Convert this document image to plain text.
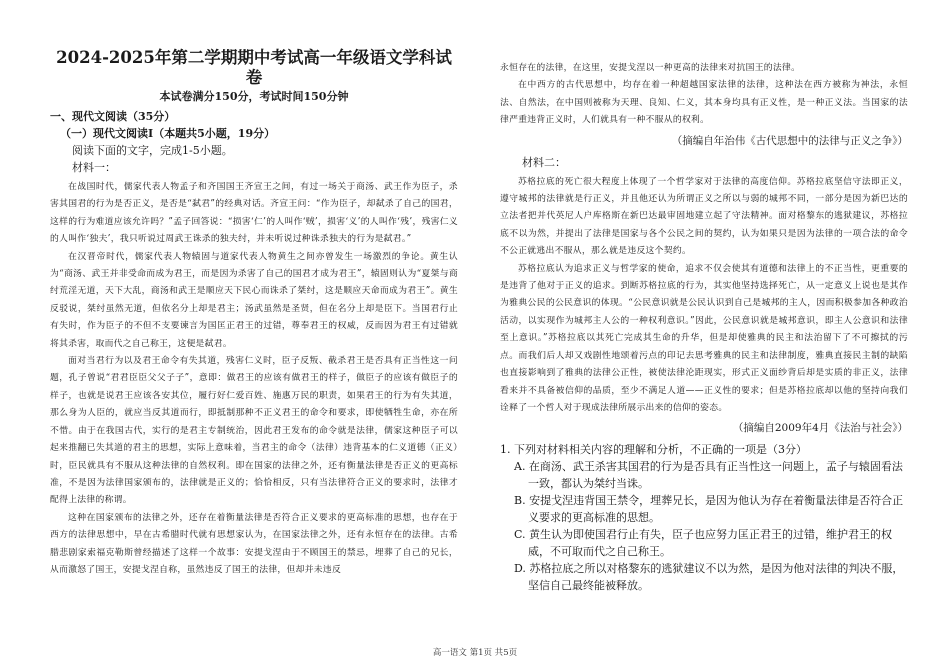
2024-2025年第二学期期中考试高一年级语文学科试卷

本试卷满分150分，考试时间150分钟

一、现代文阅读（35分）

（一）现代文阅读Ⅰ（本题共5小题，19分）

阅读下面的文字，完成1-5小题。

材料一：

在战国时代，儒家代表人物孟子和齐国国王齐宣王之间，有过一场关于商汤、武王作为臣子，杀害其国君的行为是否正义，是否是“弑君”的经典对话。齐宣王问：“作为臣子，却弑杀了自己的国君，这样的行为难道应该允许吗？”孟子回答说：“损害‘仁’的人叫作‘贼’，损害‘义’的人叫作‘残’，残害仁义的人叫作‘独夫’，我只听说过周武王诛杀的独夫纣，并未听说过种诛杀独夫的行为是弑君。”

在汉晋帝时代，儒家代表人物辕固与道家代表人物黄生之间亦曾发生一场激烈的争论。黄生认为“商汤、武王并非受命而成为君王，而是因为杀害了自己的国君才成为君王”，辕固则认为“夏桀与商纣荒淫无道，天下大乱，商汤和武王是顺应天下民心而诛杀了桀纣，这是顺应天命而成为君王”。黄生反驳说，桀纣虽然无道，但依名分上却是君主；汤武虽然是圣贤，但在名分上却是臣下。当国君行止有失时，作为臣子的不但不支要谏言为国匡正君王的过错，尊奉君王的权威，反而因为君王有过错就将其杀害，取而代之自己称王，这便是弑君。

面对当君行为以及君王命令有失其道，残害仁义时，臣子反叛、截杀君王是否具有正当性这一问题，孔子曾说“君君臣臣父父子子”，意即：做君王的应该有做君王的样子，做臣子的应该有做臣子的样子，也就是说君王应该各安其位，履行好仁爱百姓、施惠万民的职责，如果君王的行为有失其道，那么身为人臣的，就应当反其道而行，即抵制那种不正义君王的命令和要求，即使牺牲生命，亦在所不惜。由于在我国古代，实行的是君主专制统治，因此君王发布的命令就是法律，儒家这种臣子可以起来推翻已失其道的君主的思想，实际上意味着，当君主的命令（法律）违背基本的仁义道德（正义）时，臣民就具有不服从这种法律的自然权利。即在国家的法律之外，还有衡量法律是否正义的更高标准，不是因为法律国家颁布的，法律就是正义的；恰恰相反，只有当法律符合正义的要求时，法律才配得上法律的称谓。

这种在国家颁布的法律之外，还存在着衡量法律是否符合正义要求的更高标准的思想，也存在于西方的法律思想中，早在古希腊时代就有思想家认为，在国家法律之外，还有永恒存在的法律。古希腊悲剧家索福克勒斯曾经描述了这样一个故事：安提戈涅由于不顾国王的禁忌，埋葬了自己的兄长，从而激怒了国王，安提戈涅自称，虽然违反了国王的法律，但却并未违反

永恒存在的法律，在这里，安提戈涅以一种更高的法律来对抗国王的法律。

在中西方的古代思想中，均存在着一种超越国家法律的法律，这种法在西方被称为神法，永恒法、自然法，在中国则被称为天理、良知、仁义，其本身均具有正义性，是一种正义法。当国家的法律严重违背正义时，人们就具有一种不服从的权利。

（摘编自年治伟《古代思想中的法律与正义之争》）

材料二：

苏格拉底的死亡很大程度上体现了一个哲学家对于法律的高度信仰。苏格拉底坚信守法即正义，遵守城邦的法律就是行正义，并且他还认为所谓正义之所以与弱的城邦不同，一部分是因为新巴达的立法者把并代英尼人户库格斯在新巴达最审固地建立起了守法精神。面对格黎东的逃狱建议，苏格拉底不以为然，并提出了法律是国家与各个公民之间的契约，认为如果只是因为法律的一项合法的命令不公正就逃出不服从，那么就是违反这个契约。

苏格拉底认为追求正义与哲学家的使命，追求不仅会使其有道德和法律上的不正当性，更重要的是违背了他对于正义的追求。到断苏格拉底的行为，其实他坚持选择死亡，从一定意义上说也是其作为雅典公民的公民意识的体现。“公民意识就是公民认识到自己是城邦的主人，因而积极参加各种政治活动，以实现作为城邦主人公的一种权利意识。”因此，公民意识就是城邦意识，即主人公意识和法律至上意识。”苏格拉底以其死亡完成其生命的升华，但是却使雅典的民主和法治留下了不可擦拭的污点。而我们后人却又戏剧性地颂着污点的印记去思考雅典的民主和法律制度，雅典直接民主制的缺陷也直接影响到了雅典的法律公正性，被使法律沦距现实，形式正义面纱背后却是实质的非正义，法律看来并不具备被信仰的品质，至少不满足人道——正义性的要求；但是苏格拉底却以他的坚持向我们诠释了一个哲人对于现成法律所展示出来的信仰的姿态。

（摘编自2009年4月《法治与社会》）

1. 下列对材料相关内容的理解和分析，不正确的一项是（3分）

A. 在商汤、武王杀害其国君的行为是否具有正当性这一问题上，孟子与辕固看法一致，都认为桀纣当诛。

B. 安提戈涅违背国王禁令，埋葬兄长，是因为他认为存在着衡量法律是否符合正义要求的更高标准的思想。

C. 黄生认为即使国君行止有失，臣子也应努力匡正君王的过错，维护君王的权威，不可取而代之自己称王。

D. 苏格拉底之所以对格黎东的逃狱建议不以为然，是因为他对法律的判决不服，坚信自己最终能被释放。

高一语文 第1页 共5页
